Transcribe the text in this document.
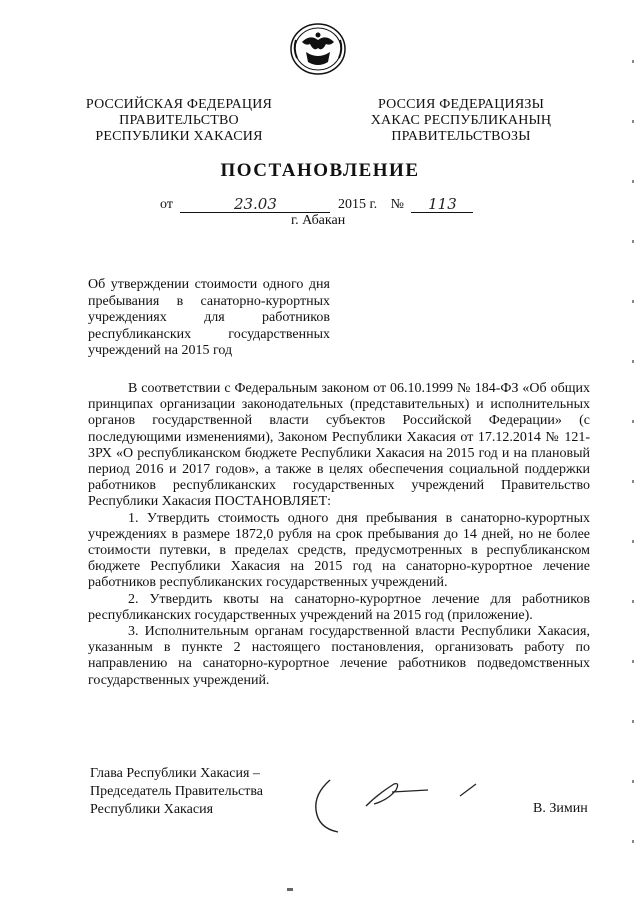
РОССИЙСКАЯ ФЕДЕРАЦИЯ
ПРАВИТЕЛЬСТВО
РЕСПУБЛИКИ ХАКАСИЯ
РОССИЯ ФЕДЕРАЦИЯЗЫ
ХАКАС РЕСПУБЛИКАНЫҢ
ПРАВИТЕЛЬСТВОЗЫ
ПОСТАНОВЛЕНИЕ
от	23.03	2015 г. № 113
г. Абакан
Об утверждении стоимости одного дня пребывания в санаторно-курортных учреждениях для работников республиканских государственных учреждений на 2015 год

В соответствии с Федеральным законом от 06.10.1999 № 184-ФЗ «Об общих принципах организации законодательных (представительных) и исполнительных органов государственной власти субъектов Российской Федерации» (с последующими изменениями), Законом Республики Хакасия от 17.12.2014 № 121-ЗРХ «О республиканском бюджете Республики Хакасия на 2015 год и на плановый период 2016 и 2017 годов», а также в целях обеспечения социальной поддержки работников республиканских государственных учреждений Правительство Республики Хакасия ПОСТАНОВЛЯЕТ:

1. Утвердить стоимость одного дня пребывания в санаторно-курортных учреждениях в размере 1872,0 рубля на срок пребывания до 14 дней, но не более стоимости путевки, в пределах средств, предусмотренных в республиканском бюджете Республики Хакасия на 2015 год на санаторно-курортное лечение работников республиканских государственных учреждений.

2. Утвердить квоты на санаторно-курортное лечение для работников республиканских государственных учреждений на 2015 год (приложение).

3. Исполнительным органам государственной власти Республики Хакасия, указанным в пункте 2 настоящего постановления, организовать работу по направлению на санаторно-курортное лечение работников подведомственных государственных учреждений.

Глава Республики Хакасия –
Председатель Правительства
Республики Хакасия	В. Зимин
